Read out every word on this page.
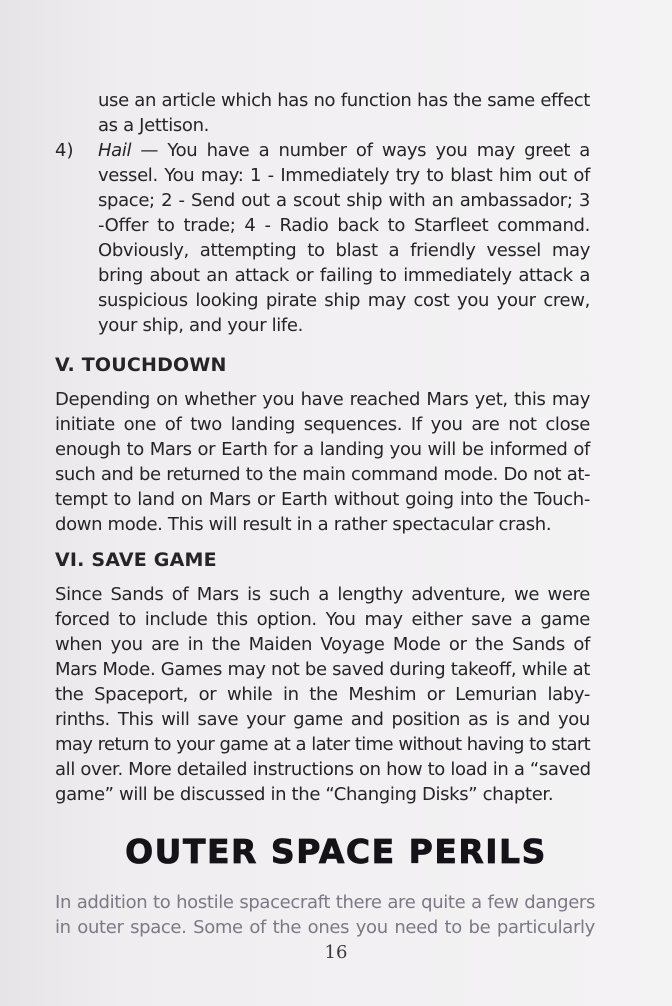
use an article which has no function has the same effect
as a Jettison.
4) Hail — You have a number of ways you may greet a
vessel. You may: 1 - Immediately try to blast him out of
space; 2 - Send out a scout ship with an ambassador; 3
-Offer to trade; 4 - Radio back to Starfleet command.
Obviously, attempting to blast a friendly vessel may
bring about an attack or failing to immediately attack a
suspicious looking pirate ship may cost you your crew,
your ship, and your life.
V. TOUCHDOWN
Depending on whether you have reached Mars yet, this may
initiate one of two landing sequences. If you are not close
enough to Mars or Earth for a landing you will be informed of
such and be returned to the main command mode. Do not at-
tempt to land on Mars or Earth without going into the Touch-
down mode. This will result in a rather spectacular crash.
VI. SAVE GAME
Since Sands of Mars is such a lengthy adventure, we were
forced to include this option. You may either save a game
when you are in the Maiden Voyage Mode or the Sands of
Mars Mode. Games may not be saved during takeoff, while at
the Spaceport, or while in the Meshim or Lemurian laby-
rinths. This will save your game and position as is and you
may return to your game at a later time without having to start
all over. More detailed instructions on how to load in a “saved
game” will be discussed in the “Changing Disks” chapter.
OUTER SPACE PERILS
In addition to hostile spacecraft there are quite a few dangers
in outer space. Some of the ones you need to be particularly
16
